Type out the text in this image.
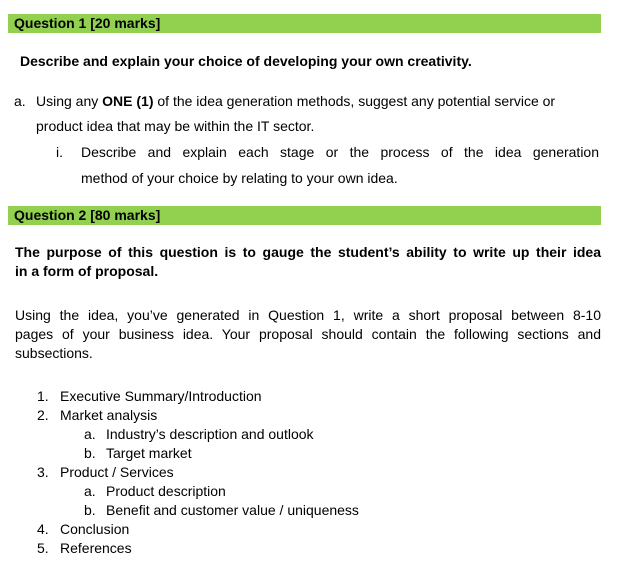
Question 1 [20 marks]
Describe and explain your choice of developing your own creativity.
a. Using any ONE (1) of the idea generation methods, suggest any potential service or
product idea that may be within the IT sector.
i. Describe and explain each stage or the process of the idea generation
method of your choice by relating to your own idea.
Question 2 [80 marks]
The purpose of this question is to gauge the student’s ability to write up their idea
in a form of proposal.
Using the idea, you’ve generated in Question 1, write a short proposal between 8-10
pages of your business idea. Your proposal should contain the following sections and
subsections.
1. Executive Summary/Introduction
2. Market analysis
a. Industry’s description and outlook
b. Target market
3. Product / Services
a. Product description
b. Benefit and customer value / uniqueness
4. Conclusion
5. References
